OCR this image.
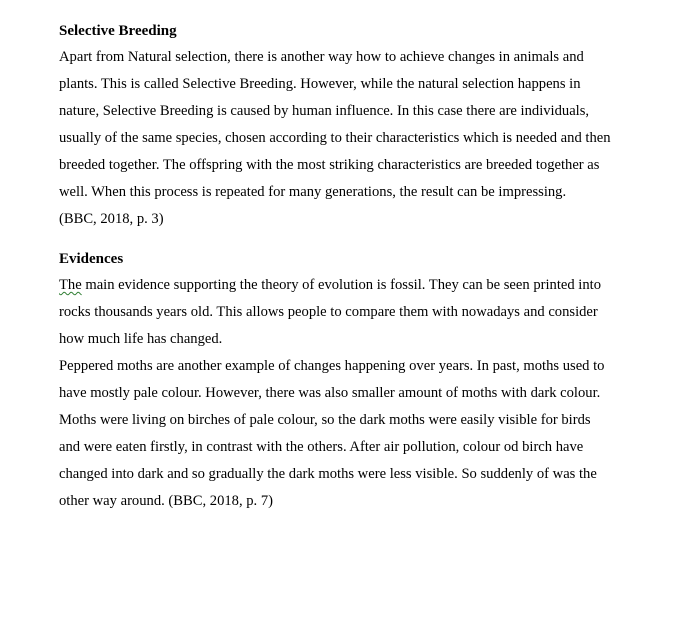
Selective Breeding

Apart from Natural selection, there is another way how to achieve changes in animals and

plants. This is called Selective Breeding. However, while the natural selection happens in

nature, Selective Breeding is caused by human influence. In this case there are individuals,

usually of the same species, chosen according to their characteristics which is needed and then

breeded together. The offspring with the most striking characteristics are breeded together as

well. When this process is repeated for many generations, the result can be impressing.

(BBC, 2018, p. 3)

Evidences

The main evidence supporting the theory of evolution is fossil. They can be seen printed into

rocks thousands years old. This allows people to compare them with nowadays and consider

how much life has changed.

Peppered moths are another example of changes happening over years. In past, moths used to

have mostly pale colour. However, there was also smaller amount of moths with dark colour.

Moths were living on birches of pale colour, so the dark moths were easily visible for birds

and were eaten firstly, in contrast with the others. After air pollution, colour od birch have

changed into dark and so gradually the dark moths were less visible. So suddenly of was the

other way around. (BBC, 2018, p. 7)
